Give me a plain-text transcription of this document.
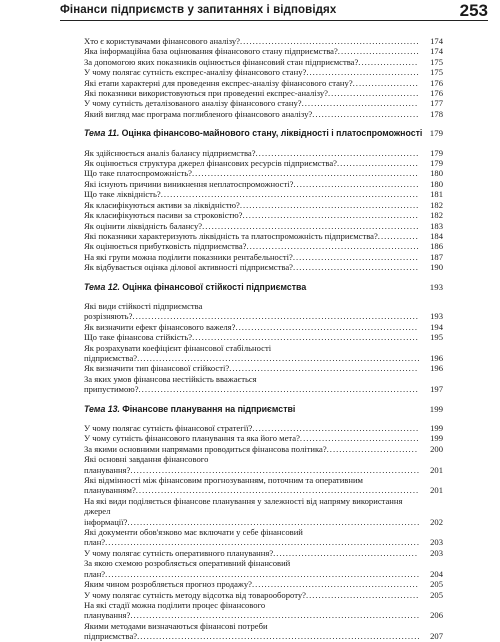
Фінанси підприємств у запитаннях і відповідях	253
Хто є користувачами фінансового аналізу?......................................................... 174
Яка інформаційна база оцінювання фінансового стану підприємства?.......................... 174
За допомогою яких показників оцінюється фінансовий стан підприємства?................... 175
У чому полягає сутність експрес-аналізу фінансового стану?.................................... 175
Які етапи характерні для проведення експрес-аналізу фінансового стану?..................... 176
Які показники використовуються при проведенні експрес-аналізу?............................. 176
У чому сутність деталізованого аналізу фінансового стану?..................................... 177
Який вигляд має програма поглибленого фінансового аналізу?.................................. 178
Тема 11. Оцінка фінансово-майнового стану, ліквідності і платоспроможності 179
Як здійснюється аналіз балансу підприємства?.................................................... 179
Як оцінюється структура джерел фінансових ресурсів підприємства?.......................... 179
Що таке платоспроможність?........................................................................ 180
Які існують причини виникнення неплатоспроможності?........................................ 180
Що таке ліквідність?.................................................................................. 181
Як класифікуються активи за ліквідністю?......................................................... 182
Як класифікуються пасиви за строковістю?........................................................ 182
Як оцінити ліквідність балансу?..................................................................... 183
Які показники характеризують ліквідність та платоспроможність підприємства?............. 184
Як оцінюється прибутковість підприємства?....................................................... 186
На які групи можна поділити показники рентабельності?........................................ 187
Як відбувається оцінка ділової активності підприємства?........................................ 190
Тема 12. Оцінка фінансової стійкості підприємства	193
Які види стійкості підприємства розрізняють?........................................................................................... 193
Як визначити ефект фінансового важеля?.......................................................... 194
Що таке фінансова стійкість?........................................................................ 195
Як розрахувати коефіцієнт фінансової стабільності підприємства?.......................................................................................... 196
Як визначити тип фінансової стійкості?............................................................ 196
За яких умов фінансова нестійкість вважається припустимою?......................................................................................... 197
Тема 13. Фінансове планування на підприємстві	199
У чому полягає сутність фінансової стратегії?..................................................... 199
У чому сутність фінансового планування та яка його мета?...................................... 199
За якими основними напрямами проводиться фінансова політика?............................. 200
Які основні завдання фінансового планування?............................................................................................ 201
Які відмінності між фінансовим прогнозуванням, поточним та оперативним плануванням?.......................................................................................... 201
На які види поділяється фінансове планування у залежності від напряму використання джерел інформації?............................................................................................. 202
Які документи обов'язково має включати у себе фінансовий план?.................................................................................................... 203
У чому полягає сутність оперативного планування?.............................................. 203
За якою схемою розробляється оперативний фінансовий план?.................................................................................................... 204
Яким чином розробляється прогноз продажу?..................................................... 205
У чому полягає сутність методу відсотка від товарообороту?.................................... 205
На які стадії можна поділити процес фінансового планування?............................................................................................ 206
Якими методами визначаються фінансові потреби підприємства?.......................................................................................... 207
